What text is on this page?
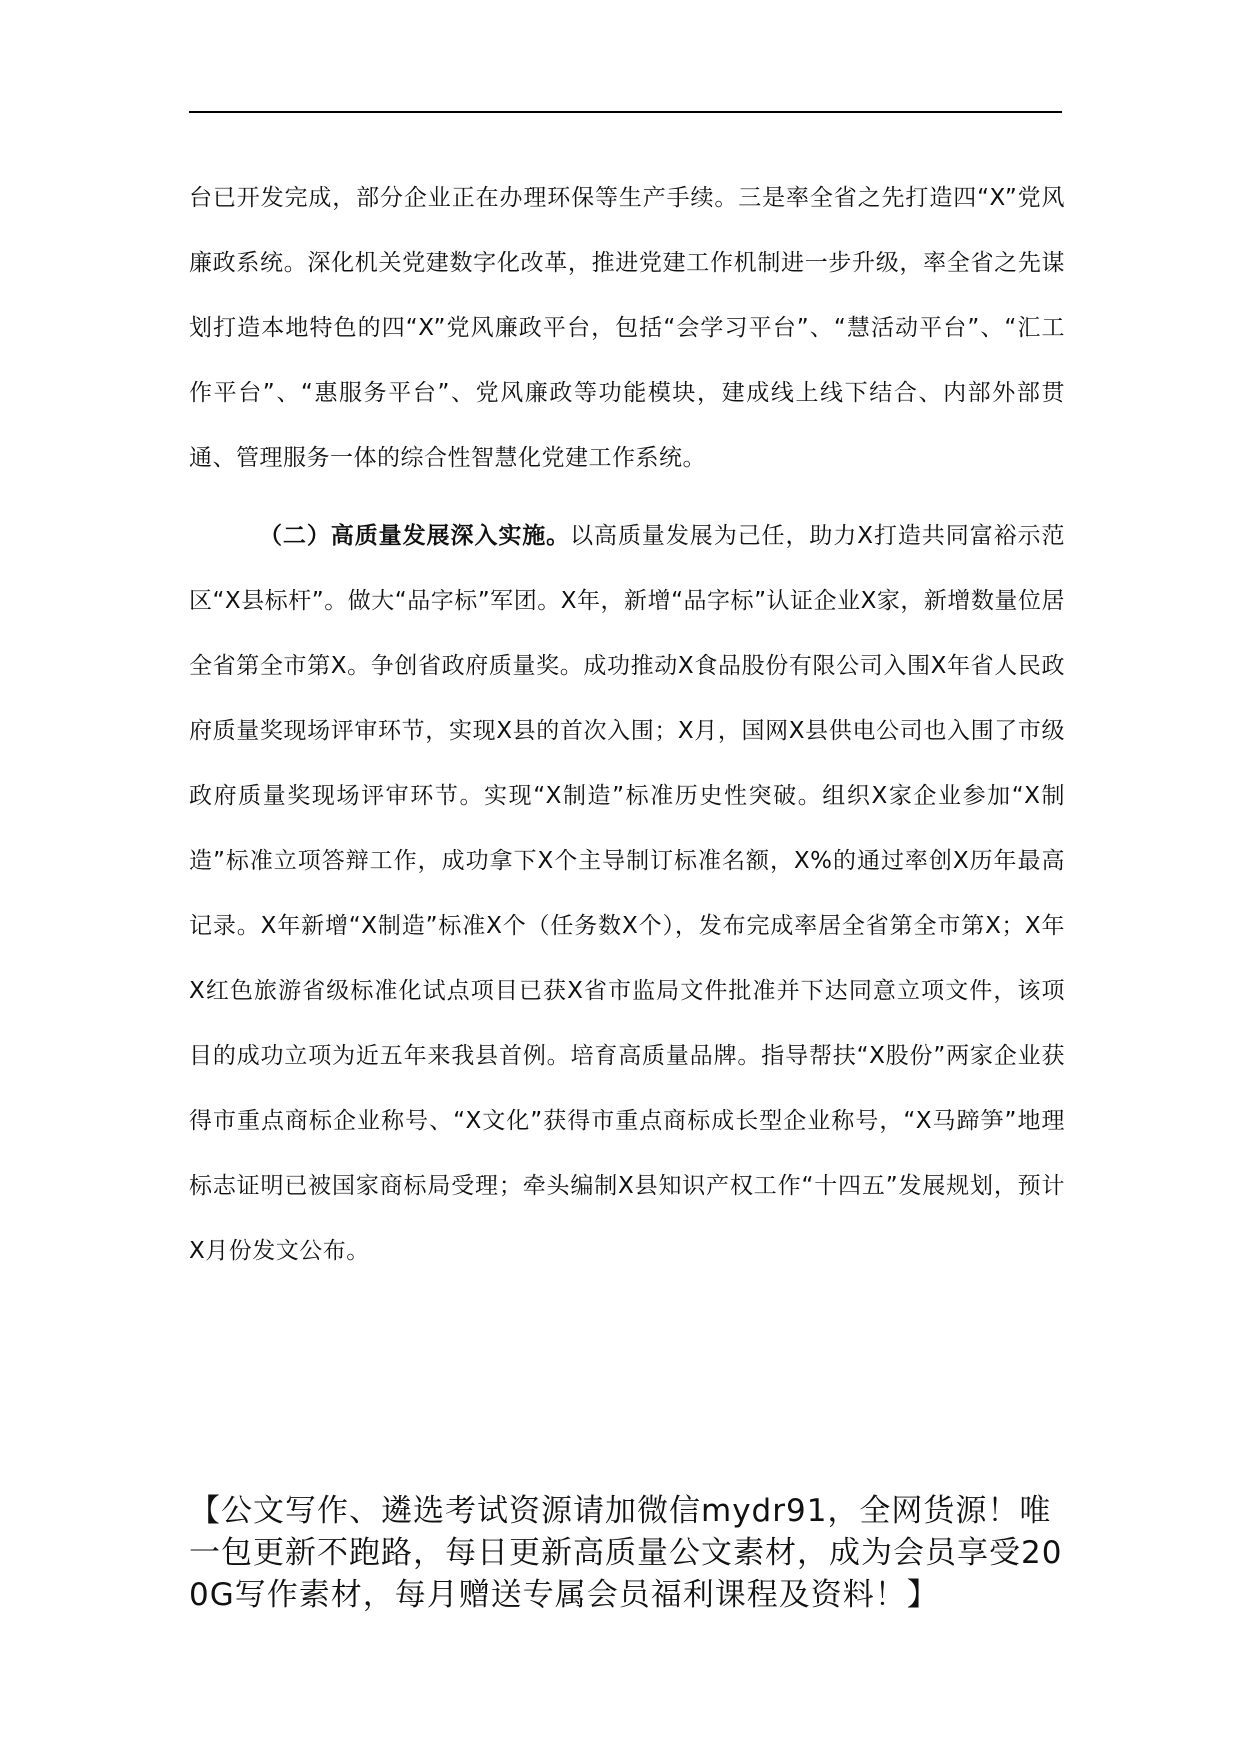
台已开发完成，部分企业正在办理环保等生产手续。三是率全省之先打造四“X”党风廉政系统。深化机关党建数字化改革，推进党建工作机制进一步升级，率全省之先谋划打造本地特色的四“X”党风廉政平台，包括“会学习平台”、“慧活动平台”、“汇工作平台”、“惠服务平台”、党风廉政等功能模块，建成线上线下结合、内部外部贯通、管理服务一体的综合性智慧化党建工作系统。

（二）高质量发展深入实施。以高质量发展为己任，助力X打造共同富裕示范区“X县标杆”。做大“品字标”军团。X年，新增“品字标”认证企业X家，新增数量位居全省第全市第X。争创省政府质量奖。成功推动X食品股份有限公司入围X年省人民政府质量奖现场评审环节，实现X县的首次入围；X月，国网X县供电公司也入围了市级政府质量奖现场评审环节。实现“X制造”标准历史性突破。组织X家企业参加“X制造”标准立项答辩工作，成功拿下X个主导制订标准名额，X%的通过率创X历年最高记录。X年新增“X制造”标准X个（任务数X个），发布完成率居全省第全市第X；X年X红色旅游省级标准化试点项目已获X省市监局文件批准并下达同意立项文件，该项目的成功立项为近五年来我县首例。培育高质量品牌。指导帮扶“X股份”两家企业获得市重点商标企业称号、“X文化”获得市重点商标成长型企业称号，“X马蹄笋”地理标志证明已被国家商标局受理；牵头编制X县知识产权工作“十四五”发展规划，预计X月份发文公布。

【公文写作、遴选考试资源请加微信mydr91，全网货源！唯一包更新不跑路，每日更新高质量公文素材，成为会员享受200G写作素材，每月赠送专属会员福利课程及资料！】
